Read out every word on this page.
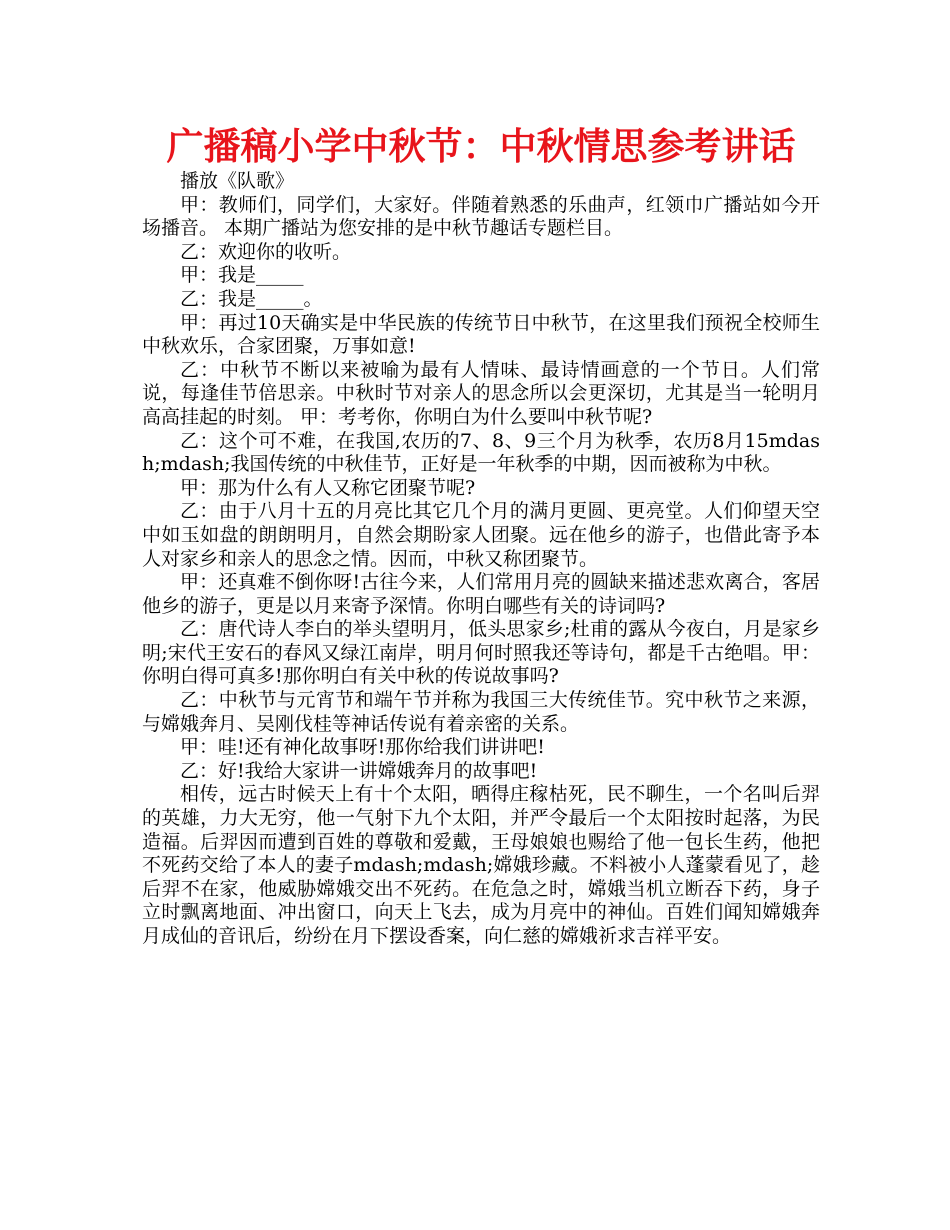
广播稿小学中秋节：中秋情思参考讲话

播放《队歌》

甲：教师们，同学们，大家好。伴随着熟悉的乐曲声，红领巾广播站如今开场播音。 本期广播站为您安排的是中秋节趣话专题栏目。

乙：欢迎你的收听。

甲：我是_____

乙：我是_____。

甲：再过10天确实是中华民族的传统节日中秋节，在这里我们预祝全校师生中秋欢乐，合家团聚，万事如意!

乙：中秋节不断以来被喻为最有人情味、最诗情画意的一个节日。人们常说，每逢佳节倍思亲。中秋时节对亲人的思念所以会更深切，尤其是当一轮明月高高挂起的时刻。 甲：考考你，你明白为什么要叫中秋节呢?

乙：这个可不难，在我国,农历的7、8、9三个月为秋季，农历8月15mdash;mdash;我国传统的中秋佳节，正好是一年秋季的中期，因而被称为中秋。

甲：那为什么有人又称它团聚节呢?

乙：由于八月十五的月亮比其它几个月的满月更圆、更亮堂。人们仰望天空中如玉如盘的朗朗明月，自然会期盼家人团聚。远在他乡的游子，也借此寄予本人对家乡和亲人的思念之情。因而，中秋又称团聚节。

甲：还真难不倒你呀!古往今来，人们常用月亮的圆缺来描述悲欢离合，客居他乡的游子，更是以月来寄予深情。你明白哪些有关的诗词吗?

乙：唐代诗人李白的举头望明月，低头思家乡;杜甫的露从今夜白，月是家乡明;宋代王安石的春风又绿江南岸，明月何时照我还等诗句，都是千古绝唱。甲：你明白得可真多!那你明白有关中秋的传说故事吗?

乙：中秋节与元宵节和端午节并称为我国三大传统佳节。究中秋节之来源，与嫦娥奔月、吴刚伐桂等神话传说有着亲密的关系。

甲：哇!还有神化故事呀!那你给我们讲讲吧!

乙：好!我给大家讲一讲嫦娥奔月的故事吧!

相传，远古时候天上有十个太阳，晒得庄稼枯死，民不聊生，一个名叫后羿的英雄，力大无穷，他一气射下九个太阳，并严令最后一个太阳按时起落，为民造福。后羿因而遭到百姓的尊敬和爱戴，王母娘娘也赐给了他一包长生药，他把不死药交给了本人的妻子mdash;mdash;嫦娥珍藏。不料被小人蓬蒙看见了，趁后羿不在家，他威胁嫦娥交出不死药。在危急之时，嫦娥当机立断吞下药，身子立时飘离地面、冲出窗口，向天上飞去，成为月亮中的神仙。百姓们闻知嫦娥奔月成仙的音讯后，纷纷在月下摆设香案，向仁慈的嫦娥祈求吉祥平安。
